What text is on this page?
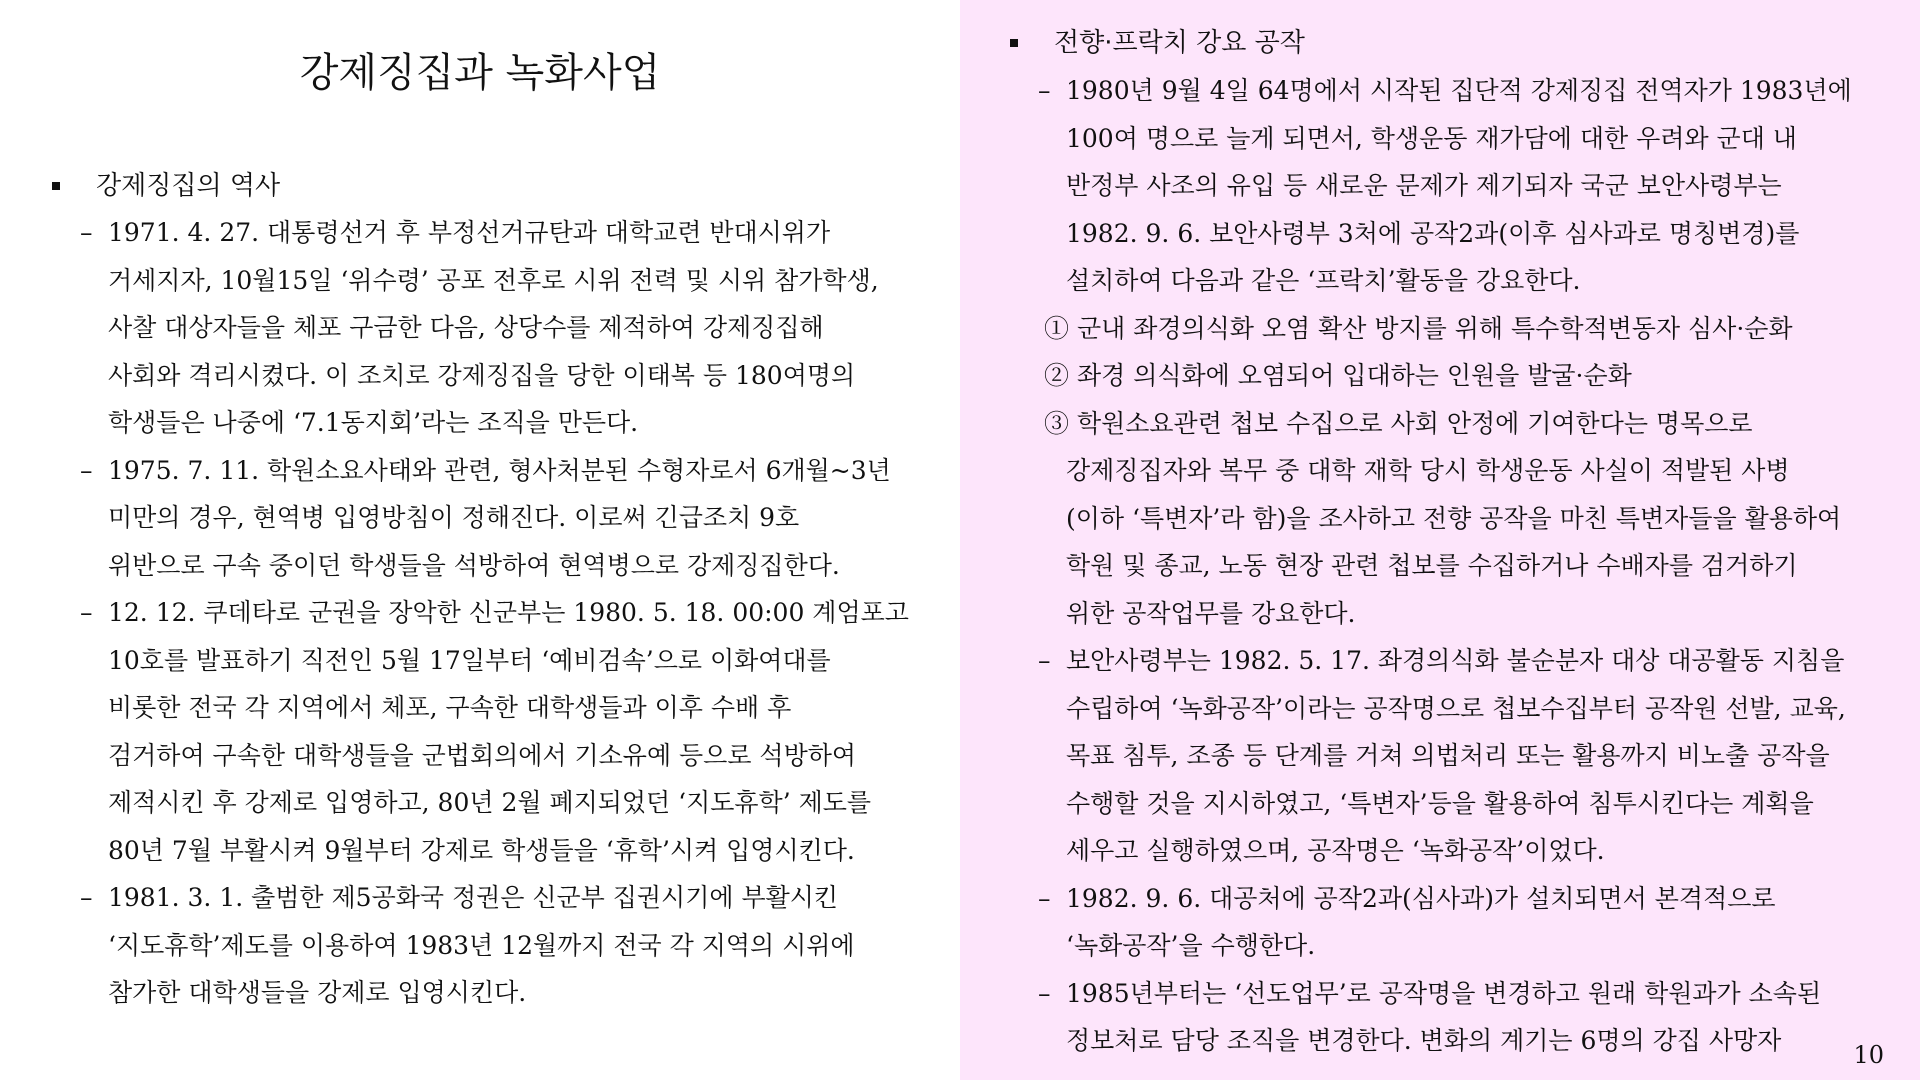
강제징집과 녹화사업
강제징집의 역사
– 1971. 4. 27. 대통령선거 후 부정선거규탄과 대학교련 반대시위가
거세지자, 10월15일 ‘위수령’ 공포 전후로 시위 전력 및 시위 참가학생,
사찰 대상자들을 체포 구금한 다음, 상당수를 제적하여 강제징집해
사회와 격리시켰다. 이 조치로 강제징집을 당한 이태복 등 180여명의
학생들은 나중에 ‘7.1동지회’라는 조직을 만든다.
– 1975. 7. 11. 학원소요사태와 관련, 형사처분된 수형자로서 6개월~3년
미만의 경우, 현역병 입영방침이 정해진다. 이로써 긴급조치 9호
위반으로 구속 중이던 학생들을 석방하여 현역병으로 강제징집한다.
– 12. 12. 쿠데타로 군권을 장악한 신군부는 1980. 5. 18. 00:00 계엄포고
10호를 발표하기 직전인 5월 17일부터 ‘예비검속’으로 이화여대를
비롯한 전국 각 지역에서 체포, 구속한 대학생들과 이후 수배 후
검거하여 구속한 대학생들을 군법회의에서 기소유예 등으로 석방하여
제적시킨 후 강제로 입영하고, 80년 2월 폐지되었던 ‘지도휴학’ 제도를
80년 7월 부활시켜 9월부터 강제로 학생들을 ‘휴학’시켜 입영시킨다.
– 1981. 3. 1. 출범한 제5공화국 정권은 신군부 집권시기에 부활시킨
‘지도휴학’제도를 이용하여 1983년 12월까지 전국 각 지역의 시위에
참가한 대학생들을 강제로 입영시킨다.
전향·프락치 강요 공작
– 1980년 9월 4일 64명에서 시작된 집단적 강제징집 전역자가 1983년에
100여 명으로 늘게 되면서, 학생운동 재가담에 대한 우려와 군대 내
반정부 사조의 유입 등 새로운 문제가 제기되자 국군 보안사령부는
1982. 9. 6. 보안사령부 3처에 공작2과(이후 심사과로 명칭변경)를
설치하여 다음과 같은 ‘프락치’활동을 강요한다.
① 군내 좌경의식화 오염 확산 방지를 위해 특수학적변동자 심사·순화
② 좌경 의식화에 오염되어 입대하는 인원을 발굴·순화
③ 학원소요관련 첩보 수집으로 사회 안정에 기여한다는 명목으로
강제징집자와 복무 중 대학 재학 당시 학생운동 사실이 적발된 사병
(이하 ‘특변자’라 함)을 조사하고 전향 공작을 마친 특변자들을 활용하여
학원 및 종교, 노동 현장 관련 첩보를 수집하거나 수배자를 검거하기
위한 공작업무를 강요한다.
– 보안사령부는 1982. 5. 17. 좌경의식화 불순분자 대상 대공활동 지침을
수립하여 ‘녹화공작’이라는 공작명으로 첩보수집부터 공작원 선발, 교육,
목표 침투, 조종 등 단계를 거쳐 의법처리 또는 활용까지 비노출 공작을
수행할 것을 지시하였고, ‘특변자’등을 활용하여 침투시킨다는 계획을
세우고 실행하였으며, 공작명은 ‘녹화공작’이었다.
– 1982. 9. 6. 대공처에 공작2과(심사과)가 설치되면서 본격적으로
‘녹화공작’을 수행한다.
– 1985년부터는 ‘선도업무’로 공작명을 변경하고 원래 학원과가 소속된
정보처로 담당 조직을 변경한다. 변화의 계기는 6명의 강집 사망자	10
